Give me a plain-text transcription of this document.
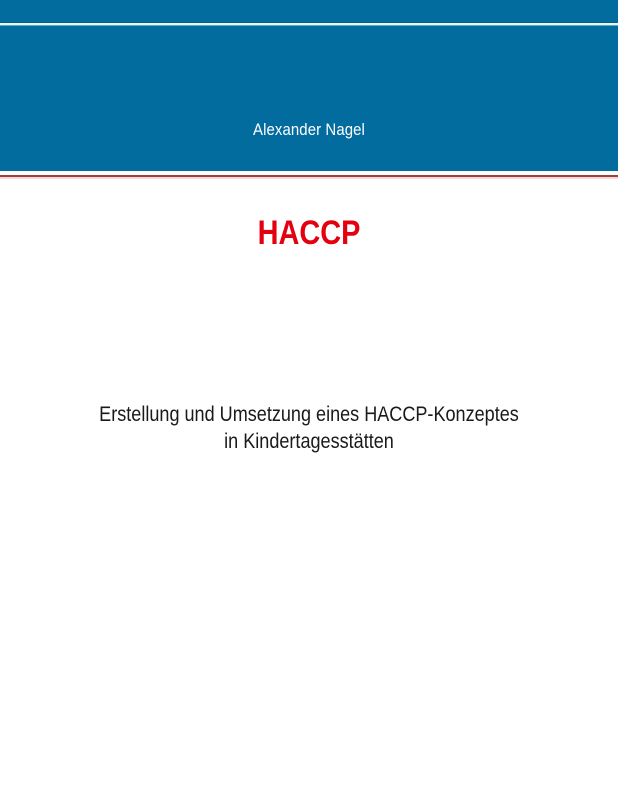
Alexander Nagel
HACCP
Erstellung und Umsetzung eines HACCP-Konzeptes
in Kindertagesstätten
